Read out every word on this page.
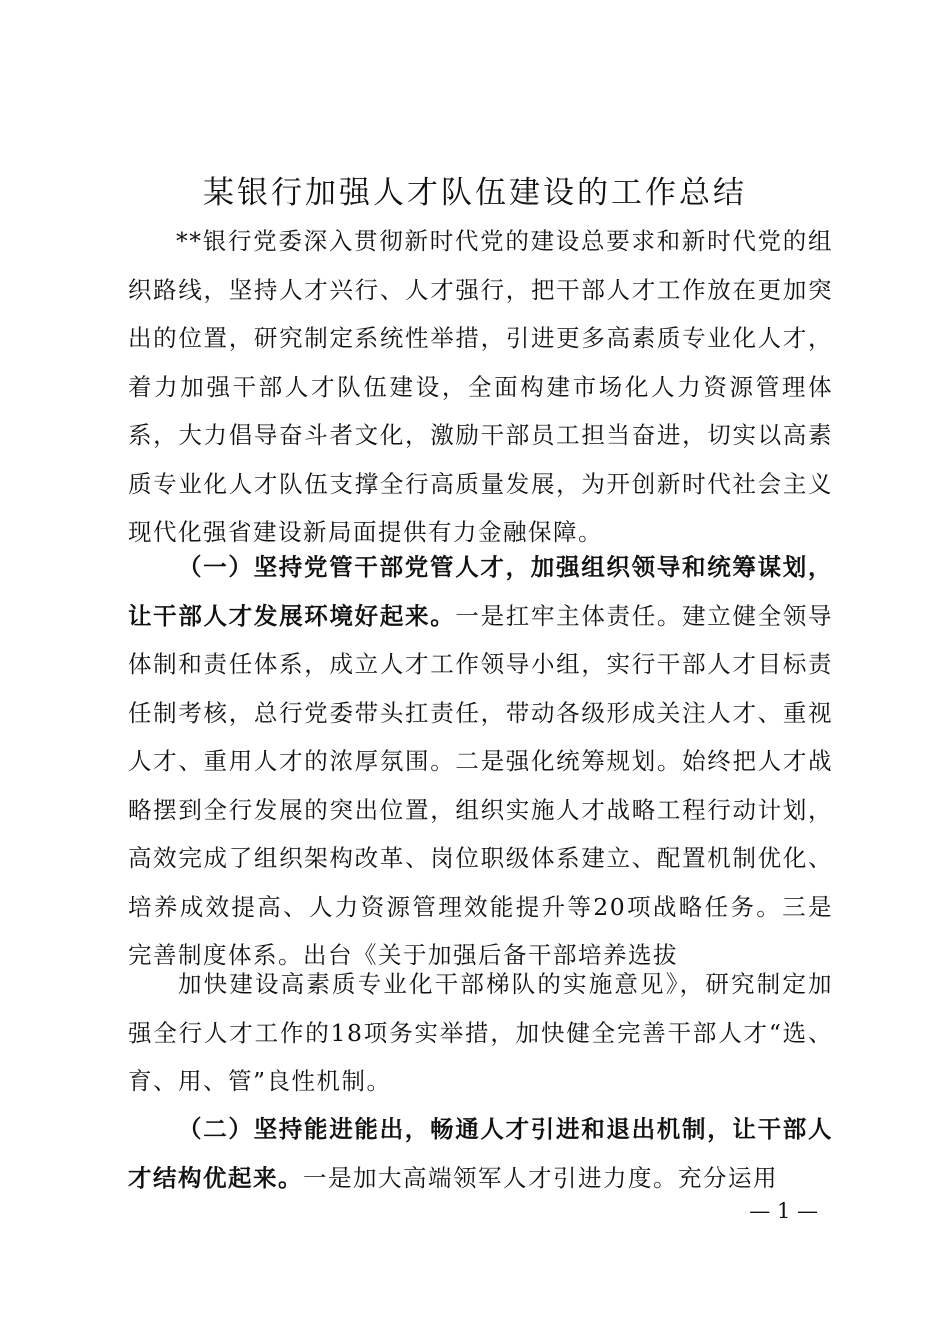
某银行加强人才队伍建设的工作总结
**银行党委深入贯彻新时代党的建设总要求和新时代党的组织路线，坚持人才兴行、人才强行，把干部人才工作放在更加突出的位置，研究制定系统性举措，引进更多高素质专业化人才，着力加强干部人才队伍建设，全面构建市场化人力资源管理体系，大力倡导奋斗者文化，激励干部员工担当奋进，切实以高素质专业化人才队伍支撑全行高质量发展，为开创新时代社会主义现代化强省建设新局面提供有力金融保障。
（一）坚持党管干部党管人才，加强组织领导和统筹谋划，让干部人才发展环境好起来。一是扛牢主体责任。建立健全领导体制和责任体系，成立人才工作领导小组，实行干部人才目标责任制考核，总行党委带头扛责任，带动各级形成关注人才、重视人才、重用人才的浓厚氛围。二是强化统筹规划。始终把人才战略摆到全行发展的突出位置，组织实施人才战略工程行动计划，高效完成了组织架构改革、岗位职级体系建立、配置机制优化、培养成效提高、人力资源管理效能提升等20项战略任务。三是完善制度体系。出台《关于加强后备干部培养选拔
加快建设高素质专业化干部梯队的实施意见》，研究制定加强全行人才工作的18项务实举措，加快健全完善干部人才“选、育、用、管”良性机制。
（二）坚持能进能出，畅通人才引进和退出机制，让干部人才结构优起来。一是加大高端领军人才引进力度。充分运用
— 1 —
